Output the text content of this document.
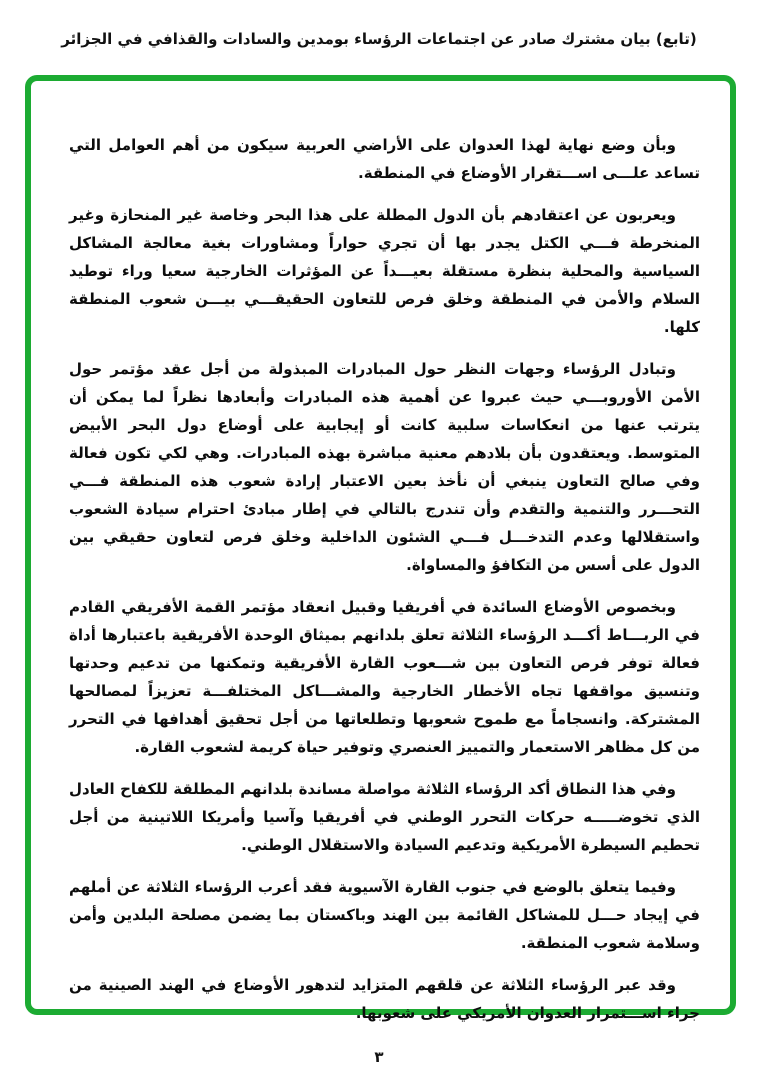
(تابع) بيان مشترك صادر عن اجتماعات الرؤساء بومدين والسادات والقذافي في الجزائر

وبأن وضع نهاية لهذا العدوان على الأراضي العربية سيكون من أهم العوامل التي تساعد علـــى اســـتقرار الأوضاع في المنطقة.

ويعربون عن اعتقادهم بأن الدول المطلة على هذا البحر وخاصة غير المنحازة وغير المنخرطة فـــي الكتل يجدر بها أن تجري حواراً ومشاورات بغية معالجة المشاكل السياسية والمحلية بنظرة مستقلة بعيـــداً عن المؤثرات الخارجية سعيا وراء توطيد السلام والأمن في المنطقة وخلق فرص للتعاون الحقيقـــي بيـــن شعوب المنطقة كلها.

وتبادل الرؤساء وجهات النظر حول المبادرات المبذولة من أجل عقد مؤتمر حول الأمن الأوروبـــي حيث عبروا عن أهمية هذه المبادرات وأبعادها نظراً لما يمكن أن يترتب عنها من انعكاسات سلبية كانت أو إيجابية على أوضاع دول البحر الأبيض المتوسط. ويعتقدون بأن بلادهم معنية مباشرة بهذه المبادرات. وهي لكي تكون فعالة وفي صالح التعاون ينبغي أن نأخذ بعين الاعتبار إرادة شعوب هذه المنطقة فـــي التحـــرر والتنمية والتقدم وأن تندرج بالتالي في إطار مبادئ احترام سيادة الشعوب واستقلالها وعدم التدخـــل فـــي الشئون الداخلية وخلق فرص لتعاون حقيقي بين الدول على أسس من التكافؤ والمساواة.

وبخصوص الأوضاع السائدة في أفريقيا وقبيل انعقاد مؤتمر القمة الأفريقي القادم في الربـــاط أكـــد الرؤساء الثلاثة تعلق بلدانهم بميثاق الوحدة الأفريقية باعتبارها أداة فعالة توفر فرص التعاون بين شـــعوب القارة الأفريقية وتمكنها من تدعيم وحدتها وتنسيق مواقفها تجاه الأخطار الخارجية والمشـــاكل المختلفـــة تعزيزاً لمصالحها المشتركة. وانسجاماً مع طموح شعوبها وتطلعاتها من أجل تحقيق أهدافها في التحرر من كل مظاهر الاستعمار والتمييز العنصري وتوفير حياة كريمة لشعوب القارة.

وفي هذا النطاق أكد الرؤساء الثلاثة مواصلة مساندة بلدانهم المطلقة للكفاح العادل الذي تخوضـــــه حركات التحرر الوطني في أفريقيا وآسيا وأمريكا اللاتينية من أجل تحطيم السيطرة الأمريكية وتدعيم السيادة والاستقلال الوطني.

وفيما يتعلق بالوضع في جنوب القارة الآسيوية فقد أعرب الرؤساء الثلاثة عن أملهم في إيجاد حـــل للمشاكل القائمة بين الهند وباكستان بما يضمن مصلحة البلدين وأمن وسلامة شعوب المنطقة.

وقد عبر الرؤساء الثلاثة عن قلقهم المتزايد لتدهور الأوضاع في الهند الصينية من جراء اســـتمرار العدوان الأمريكي على شعوبها.

٣
